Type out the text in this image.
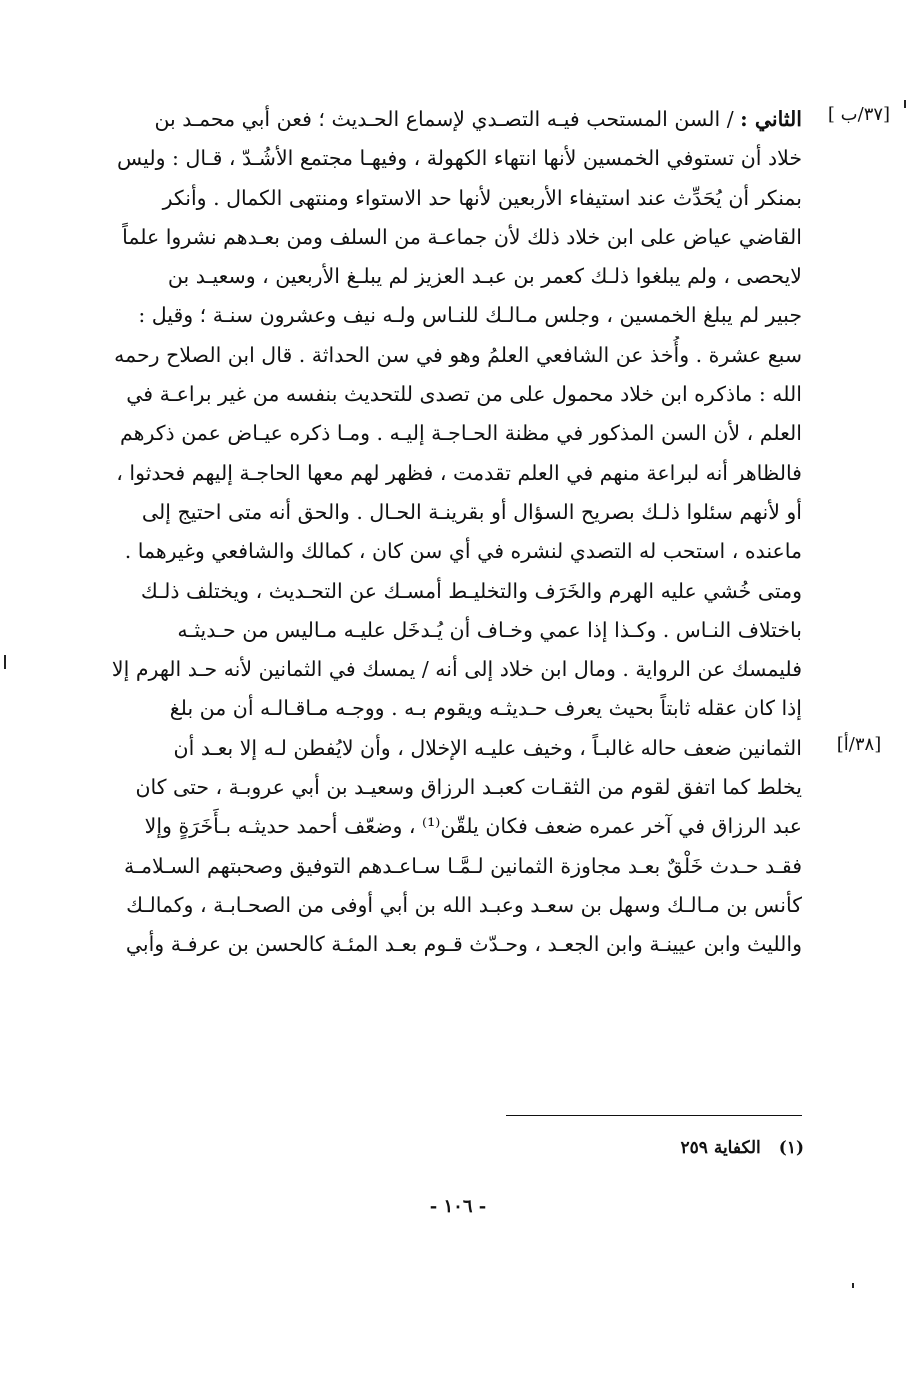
[٣٧/ب ]
[٣٨/أ]
الثاني : / السن المستحب فيـه التصـدي لإسماع الحـديث ؛ فعن أبي محمـد بن
خلاد أن تستوفي الخمسين لأنها انتهاء الكهولة ، وفيهـا مجتمع الأشُـدّ ، قـال : وليس
بمنكر أن يُحَدِّث عند استيفاء الأربعين لأنها حد الاستواء ومنتهى الكمال . وأنكر
القاضي عياض على ابن خلاد ذلك لأن جماعـة من السلف ومن بعـدهم نشروا علماً
لايحصى ، ولم يبلغوا ذلـك كعمر بن عبـد العزيز لم يبلـغ الأربعين ، وسعيـد بن
جبير لم يبلغ الخمسين ، وجلس مـالـك للنـاس ولـه نيف وعشرون سنـة ؛ وقيل :
سبع عشرة . وأُخذ عن الشافعي العلمُ وهو في سن الحداثة . قال ابن الصلاح رحمه
الله : ماذكره ابن خلاد محمول على من تصدى للتحديث بنفسه من غير براعـة في
العلم ، لأن السن المذكور في مظنة الحـاجـة إليـه . ومـا ذكره عيـاض عمن ذكرهم
فالظاهر أنه لبراعة منهم في العلم تقدمت ، فظهر لهم معها الحاجـة إليهم فحدثوا ،
أو لأنهم سئلوا ذلـك بصريح السؤال أو بقرينـة الحـال . والحق أنه متى احتيج إلى
ماعنده ، استحب له التصدي لنشره في أي سن كان ، كمالك والشافعي وغيرهما .
ومتى خُشي عليه الهرم والخَرَف والتخليـط أمسـك عن التحـديث ، ويختلف ذلـك
باختلاف النـاس . وكـذا إذا عمي وخـاف أن يُـدخَل عليـه مـاليس من حـديثـه
فليمسك عن الرواية . ومال ابن خلاد إلى أنه / يمسك في الثمانين لأنه حـد الهرم إلا
إذا كان عقله ثابتاً بحيث يعرف حـديثـه ويقوم بـه . ووجـه مـاقـالـه أن من بلغ
الثمانين ضعف حاله غالبـاً ، وخيف عليـه الإخلال ، وأن لايُفطن لـه إلا بعـد أن
يخلط كما اتفق لقوم من الثقـات كعبـد الرزاق وسعيـد بن أبي عروبـة ، حتى كان
عبد الرزاق في آخر عمره ضعف فكان يلقّن⁽¹⁾ ، وضعّف أحمد حديثـه بـأَخَرَةٍ وإلا
فقـد حـدث خَلْقٌ بعـد مجاوزة الثمانين لـمَّـا سـاعـدهم التوفيق وصحبتهم السـلامـة
كأنس بن مـالـك وسهل بن سعـد وعبـد الله بن أبي أوفى من الصحـابـة ، وكمالـك
والليث وابن عيينـة وابن الجعـد ، وحـدّث قـوم بعـد المئـة كالحسن بن عرفـة وأبي
(١)الكفاية ٢٥٩
- ١٠٦ -
